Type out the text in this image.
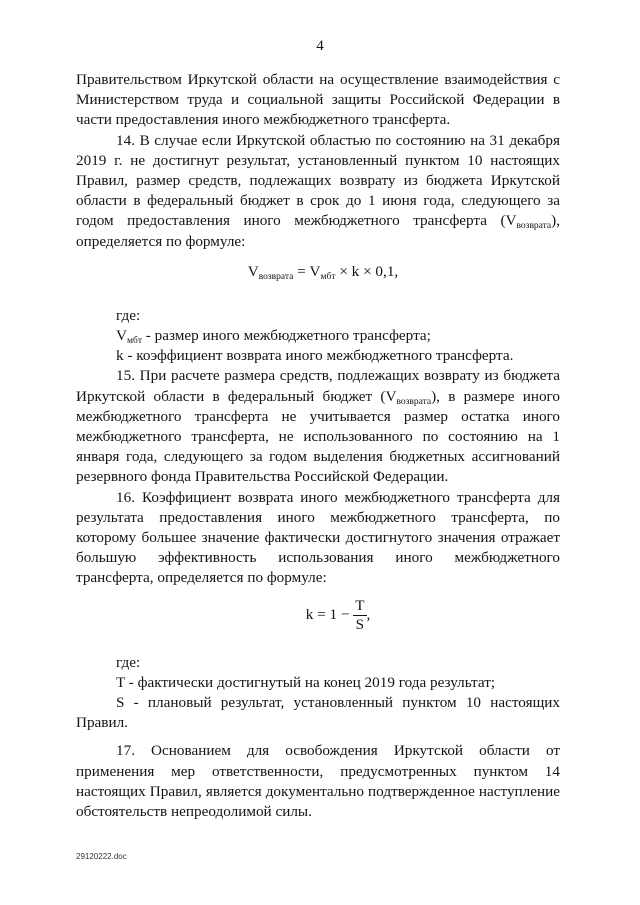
4

Правительством Иркутской области на осуществление взаимодействия с Министерством труда и социальной защиты Российской Федерации в части предоставления иного межбюджетного трансферта.

14. В случае если Иркутской областью по состоянию на 31 декабря 2019 г. не достигнут результат, установленный пунктом 10 настоящих Правил, размер средств, подлежащих возврату из бюджета Иркутской области в федеральный бюджет в срок до 1 июня года, следующего за годом предоставления иного межбюджетного трансферта $(V_{возврата})$, определяется по формуле:

$V_{возврата} = V_{мбт} \times k \times 0,1$,

где:

$V_{мбт}$ - размер иного межбюджетного трансферта;

k - коэффициент возврата иного межбюджетного трансферта.

15. При расчете размера средств, подлежащих возврату из бюджета Иркутской области в федеральный бюджет $(V_{возврата})$, в размере иного межбюджетного трансферта не учитывается размер остатка иного межбюджетного трансферта, не использованного по состоянию на 1 января года, следующего за годом выделения бюджетных ассигнований резервного фонда Правительства Российской Федерации.

16. Коэффициент возврата иного межбюджетного трансферта для результата предоставления иного межбюджетного трансферта, по которому большее значение фактически достигнутого значения отражает большую эффективность использования иного межбюджетного трансферта, определяется по формуле:

$k = 1 - \frac{T}{S}$ ,

где:

T - фактически достигнутый на конец 2019 года результат;

S - плановый результат, установленный пунктом 10 настоящих Правил.

17. Основанием для освобождения Иркутской области от применения мер ответственности, предусмотренных пунктом 14 настоящих Правил, является документально подтвержденное наступление обстоятельств непреодолимой силы.

29120222.doc
